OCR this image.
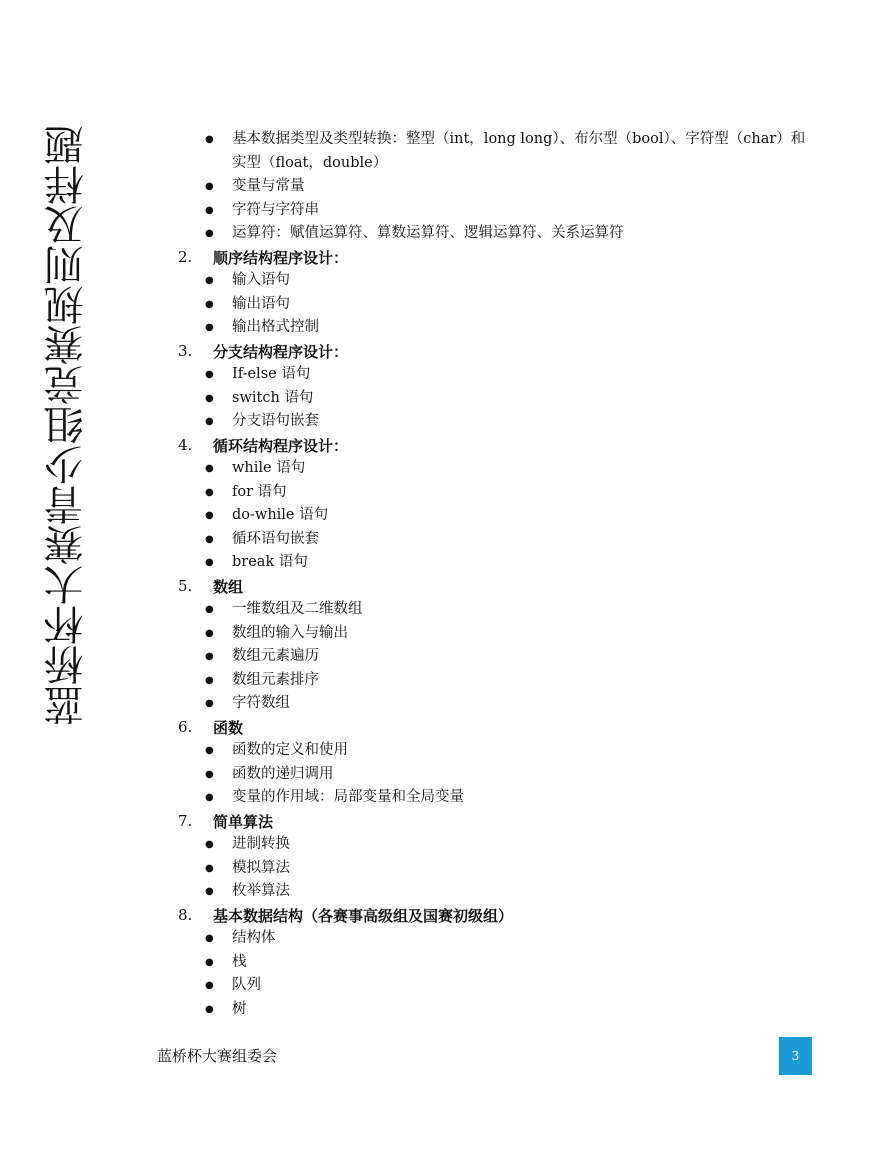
蓝桥杯大赛青少组竞赛规则及样题	●	基本数据类型及类型转换：整型（int，long long）、布尔型（bool）、字符型（char）和实型（float，double）
●	变量与常量
●	字符与字符串
●	运算符：赋值运算符、算数运算符、逻辑运算符、关系运算符
2.	顺序结构程序设计：
●	输入语句
●	输出语句
●	输出格式控制
3.	分支结构程序设计：
●	If-else 语句
●	switch 语句
●	分支语句嵌套
4.	循环结构程序设计：
●	while 语句
●	for 语句
●	do-while 语句
●	循环语句嵌套
●	break 语句
5.	数组
●	一维数组及二维数组
●	数组的输入与输出
●	数组元素遍历
●	数组元素排序
●	字符数组
6.	函数
●	函数的定义和使用
●	函数的递归调用
●	变量的作用域：局部变量和全局变量
7.	简单算法
●	进制转换
●	模拟算法
●	枚举算法
8.	基本数据结构（各赛事高级组及国赛初级组）
●	结构体
●	栈
●	队列
●	树
蓝桥杯大赛组委会	3
